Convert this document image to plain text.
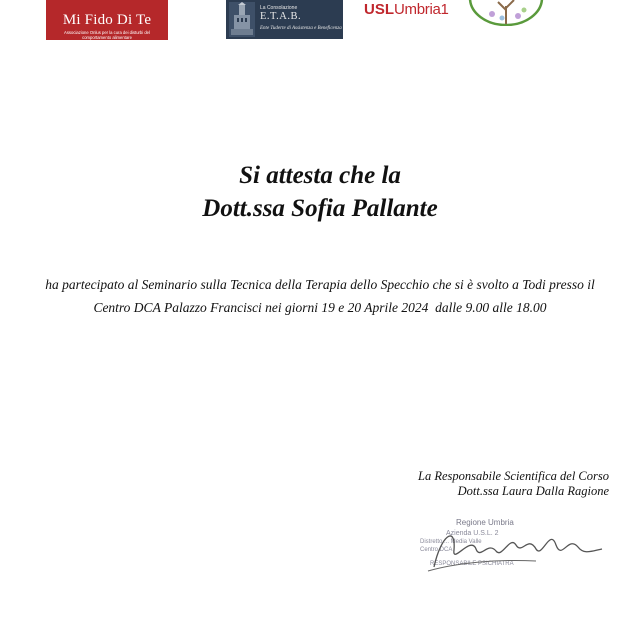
Mi Fido Di Te
Associazione Onlus per la cura dei disturbi del comportamento alimentare
La Consolazione
E.T.A.B.
Ente Tuderte di Assistenza e Beneficenza
USLUmbria1
Si attesta che la
Dott.ssa Sofia Pallante
ha partecipato al Seminario sulla Tecnica della Terapia dello Specchio che si è svolto a Todi presso il
Centro DCA Palazzo Francisci nei giorni 19 e 20 Aprile 2024  dalle 9.00 alle 18.00
La Responsabile Scientifica del Corso
Dott.ssa Laura Dalla Ragione
Regione Umbria
Azienda U.S.L. 2
Distretto ... Media Valle
Centro DCA
RESPONSABILE PSICHIATRA
